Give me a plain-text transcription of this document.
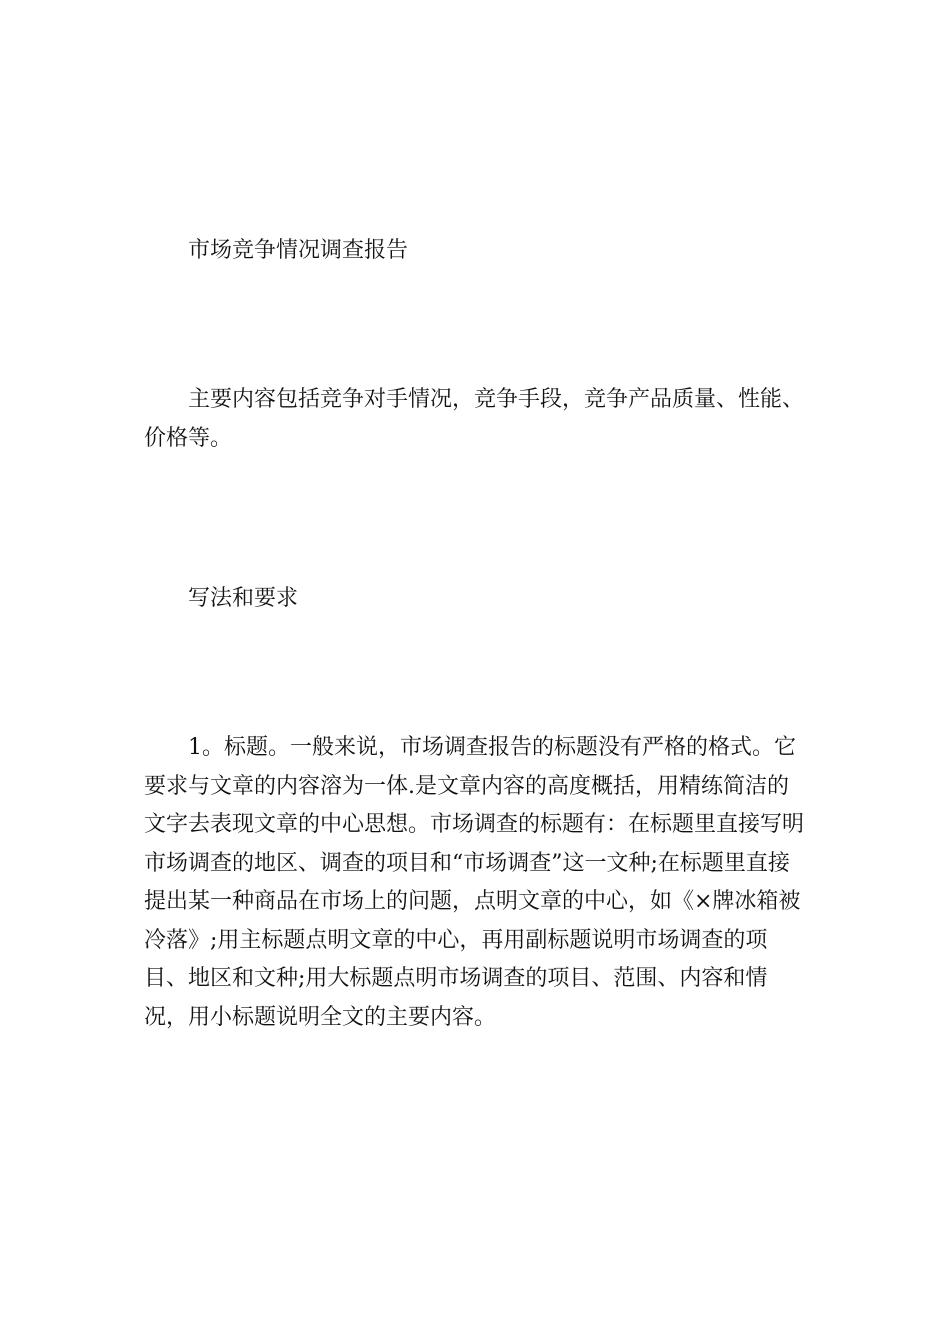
市场竞争情况调查报告

主要内容包括竞争对手情况，竞争手段，竞争产品质量、性能、价格等。

写法和要求

1。标题。一般来说，市场调查报告的标题没有严格的格式。它要求与文章的内容溶为一体.是文章内容的高度概括，用精练简洁的文字去表现文章的中心思想。市场调查的标题有：在标题里直接写明市场调查的地区、调查的项目和“市场调查”这一文种;在标题里直接提出某一种商品在市场上的问题，点明文章的中心，如《×牌冰箱被冷落》;用主标题点明文章的中心，再用副标题说明市场调查的项目、地区和文种;用大标题点明市场调查的项目、范围、内容和情况，用小标题说明全文的主要内容。
